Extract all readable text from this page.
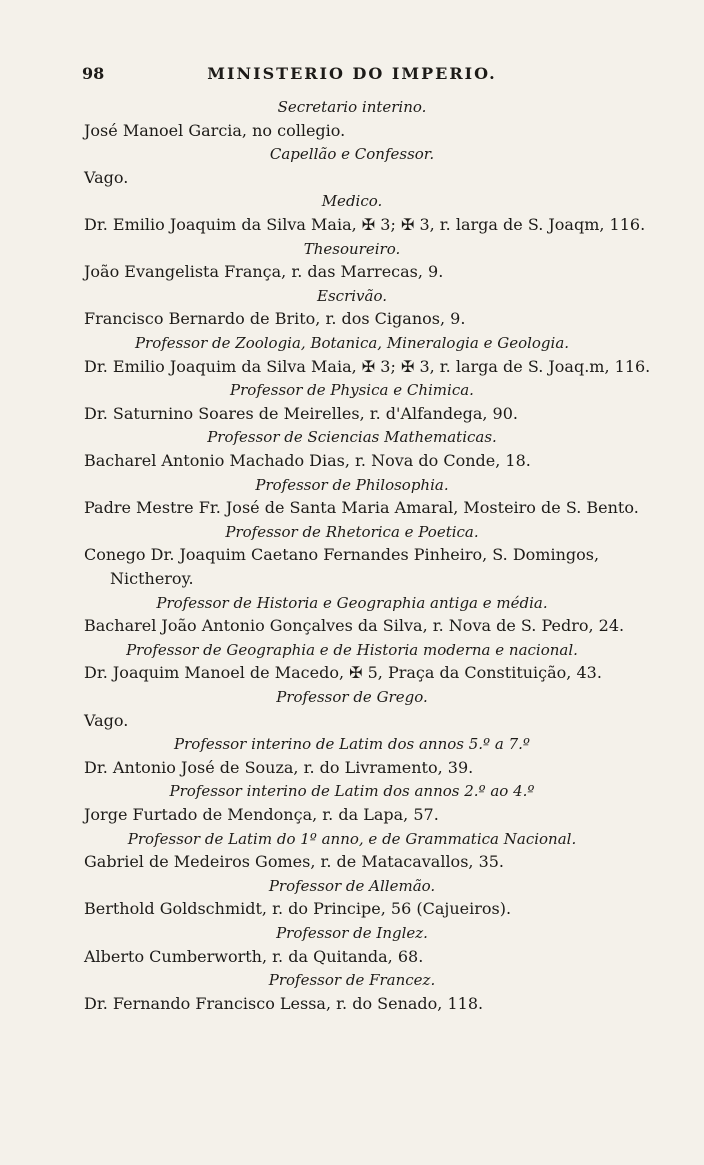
98	MINISTERIO DO IMPERIO.
Secretario interino.
José Manoel Garcia, no collegio.
Capellão e Confessor.
Vago.
Medico.
Dr. Emilio Joaquim da Silva Maia, ✠ 3; ✠ 3, r. larga de S. Joaqm, 116.
Thesoureiro.
João Evangelista França, r. das Marrecas, 9.
Escrivão.
Francisco Bernardo de Brito, r. dos Ciganos, 9.
Professor de Zoologia, Botanica, Mineralogia e Geologia.
Dr. Emilio Joaquim da Silva Maia, ✠ 3; ✠ 3, r. larga de S. Joaq.m, 116.
Professor de Physica e Chimica.
Dr. Saturnino Soares de Meirelles, r. d'Alfandega, 90.
Professor de Sciencias Mathematicas.
Bacharel Antonio Machado Dias, r. Nova do Conde, 18.
Professor de Philosophia.
Padre Mestre Fr. José de Santa Maria Amaral, Mosteiro de S. Bento.
Professor de Rhetorica e Poetica.
Conego Dr. Joaquim Caetano Fernandes Pinheiro, S. Domingos,
Nictheroy.
Professor de Historia e Geographia antiga e média.
Bacharel João Antonio Gonçalves da Silva, r. Nova de S. Pedro, 24.
Professor de Geographia e de Historia moderna e nacional.
Dr. Joaquim Manoel de Macedo, ✠ 5, Praça da Constituição, 43.
Professor de Grego.
Vago.
Professor interino de Latim dos annos 5.º a 7.º
Dr. Antonio José de Souza, r. do Livramento, 39.
Professor interino de Latim dos annos 2.º ao 4.º
Jorge Furtado de Mendonça, r. da Lapa, 57.
Professor de Latim do 1º anno, e de Grammatica Nacional.
Gabriel de Medeiros Gomes, r. de Matacavallos, 35.
Professor de Allemão.
Berthold Goldschmidt, r. do Principe, 56 (Cajueiros).
Professor de Inglez.
Alberto Cumberworth, r. da Quitanda, 68.
Professor de Francez.
Dr. Fernando Francisco Lessa, r. do Senado, 118.
